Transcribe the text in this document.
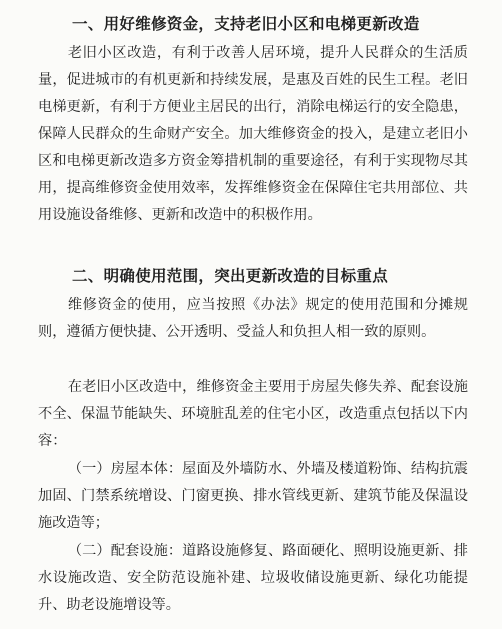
一、用好维修资金，支持老旧小区和电梯更新改造
老旧小区改造，有利于改善人居环境，提升人民群众的生活质量，促进城市的有机更新和持续发展，是惠及百姓的民生工程。老旧电梯更新，有利于方便业主居民的出行，消除电梯运行的安全隐患，保障人民群众的生命财产安全。加大维修资金的投入，是建立老旧小区和电梯更新改造多方资金筹措机制的重要途径，有利于实现物尽其用，提高维修资金使用效率，发挥维修资金在保障住宅共用部位、共用设施设备维修、更新和改造中的积极作用。
二、明确使用范围，突出更新改造的目标重点
维修资金的使用，应当按照《办法》规定的使用范围和分摊规则，遵循方便快捷、公开透明、受益人和负担人相一致的原则。
在老旧小区改造中，维修资金主要用于房屋失修失养、配套设施不全、保温节能缺失、环境脏乱差的住宅小区，改造重点包括以下内容：
（一）房屋本体：屋面及外墙防水、外墙及楼道粉饰、结构抗震加固、门禁系统增设、门窗更换、排水管线更新、建筑节能及保温设施改造等；
（二）配套设施：道路设施修复、路面硬化、照明设施更新、排水设施改造、安全防范设施补建、垃圾收储设施更新、绿化功能提升、助老设施增设等。
